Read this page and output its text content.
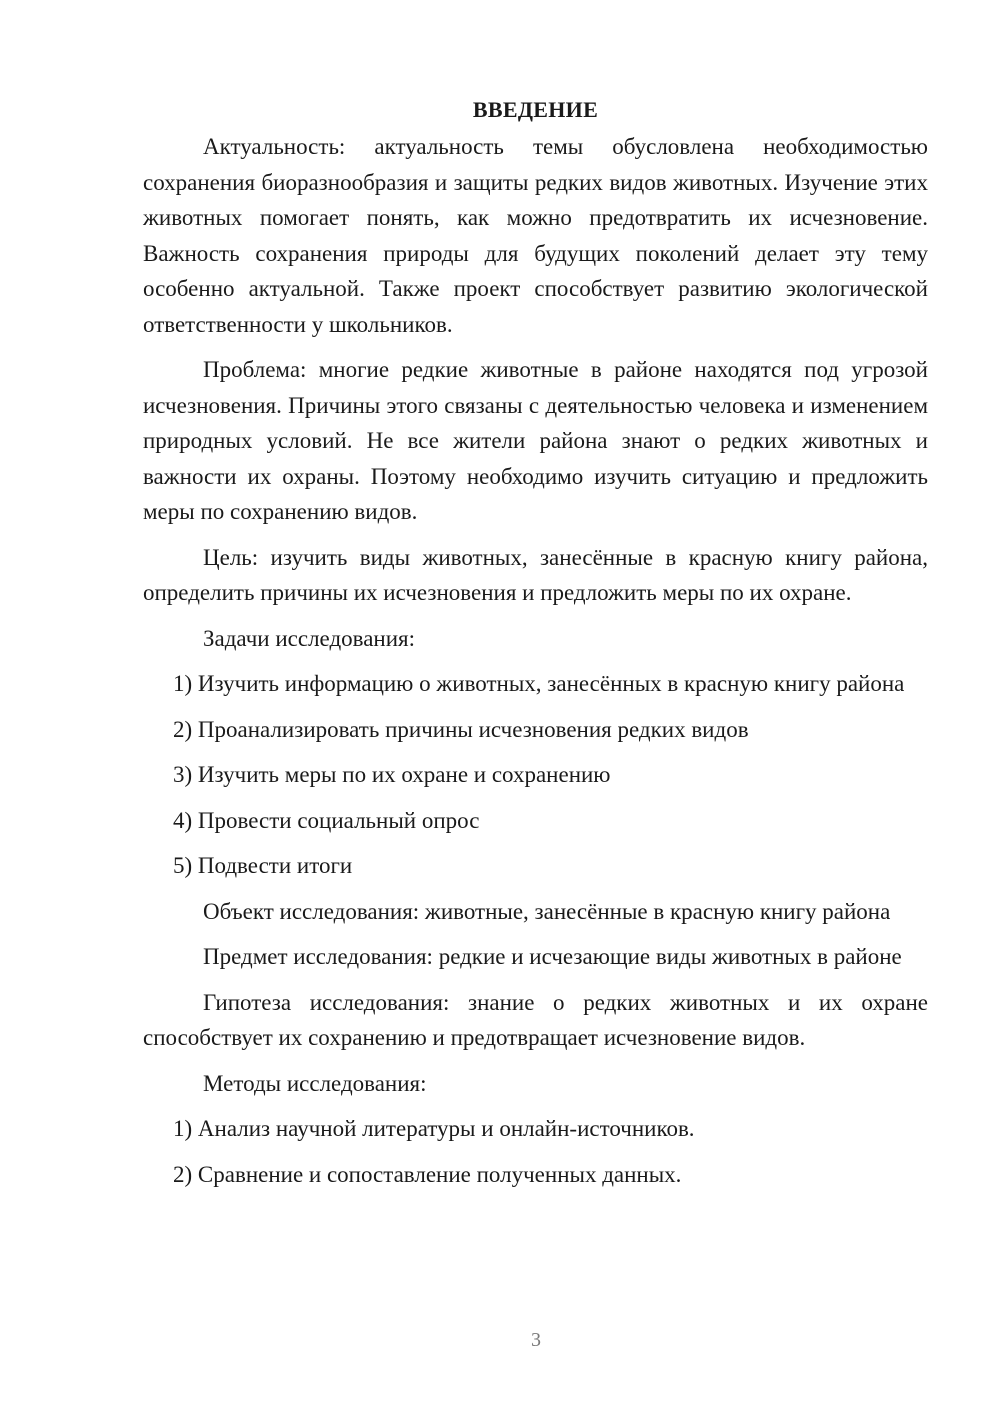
ВВЕДЕНИЕ

Актуальность: актуальность темы обусловлена необходимостью сохранения биоразнообразия и защиты редких видов животных. Изучение этих животных помогает понять, как можно предотвратить их исчезновение. Важность сохранения природы для будущих поколений делает эту тему особенно актуальной. Также проект способствует развитию экологической ответственности у школьников.

Проблема: многие редкие животные в районе находятся под угрозой исчезновения. Причины этого связаны с деятельностью человека и изменением природных условий. Не все жители района знают о редких животных и важности их охраны. Поэтому необходимо изучить ситуацию и предложить меры по сохранению видов.

Цель: изучить виды животных, занесённые в красную книгу района, определить причины их исчезновения и предложить меры по их охране.

Задачи исследования:

1) Изучить информацию о животных, занесённых в красную книгу района

2) Проанализировать причины исчезновения редких видов

3) Изучить меры по их охране и сохранению

4) Провести социальный опрос

5) Подвести итоги

Объект исследования: животные, занесённые в красную книгу района

Предмет исследования: редкие и исчезающие виды животных в районе

Гипотеза исследования: знание о редких животных и их охране способствует их сохранению и предотвращает исчезновение видов.

Методы исследования:

1) Анализ научной литературы и онлайн-источников.

2) Сравнение и сопоставление полученных данных.

3
